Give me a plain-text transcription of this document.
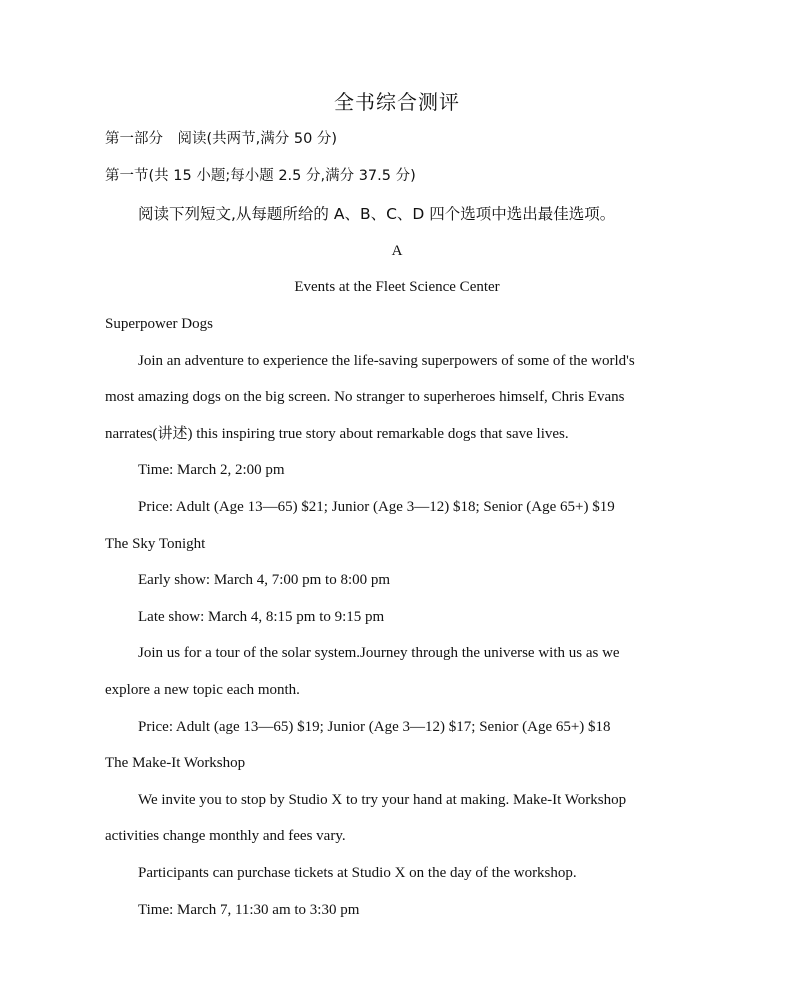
全书综合测评
第一部分　阅读(共两节,满分 50 分)
第一节(共 15 小题;每小题 2.5 分,满分 37.5 分)
阅读下列短文,从每题所给的 A、B、C、D 四个选项中选出最佳选项。
A
Events at the Fleet Science Center
Superpower Dogs
Join an adventure to experience the life-saving superpowers of some of the world's
most amazing dogs on the big screen. No stranger to superheroes himself, Chris Evans
narrates(讲述) this inspiring true story about remarkable dogs that save lives.
Time: March 2, 2:00 pm
Price: Adult (Age 13—65) $21; Junior (Age 3—12) $18; Senior (Age 65+) $19
The Sky Tonight
Early show: March 4, 7:00 pm to 8:00 pm
Late show: March 4, 8:15 pm to 9:15 pm
Join us for a tour of the solar system.Journey through the universe with us as we
explore a new topic each month.
Price: Adult (age 13—65) $19; Junior (Age 3—12) $17; Senior (Age 65+) $18
The Make-It Workshop
We invite you to stop by Studio X to try your hand at making. Make-It Workshop
activities change monthly and fees vary.
Participants can purchase tickets at Studio X on the day of the workshop.
Time: March 7, 11:30 am to 3:30 pm
